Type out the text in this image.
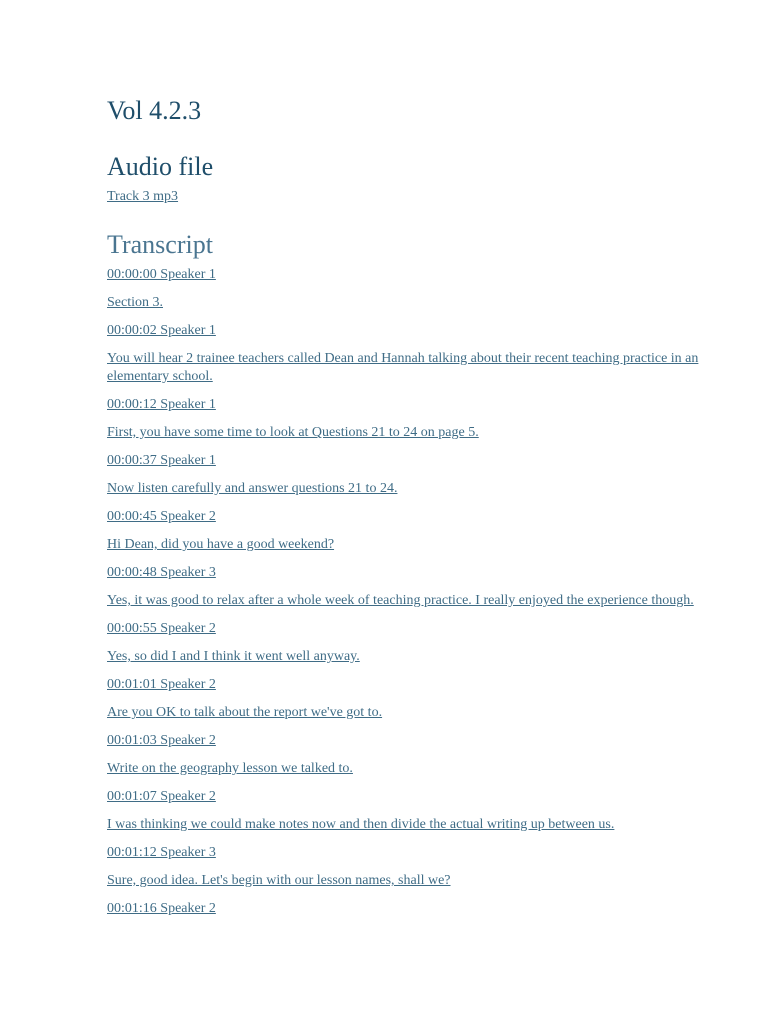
Vol 4.2.3
Audio file
Track 3 mp3
Transcript
00:00:00 Speaker 1
Section 3.
00:00:02 Speaker 1
You will hear 2 trainee teachers called Dean and Hannah talking about their recent teaching practice in an elementary school.
00:00:12 Speaker 1
First, you have some time to look at Questions 21 to 24 on page 5.
00:00:37 Speaker 1
Now listen carefully and answer questions 21 to 24.
00:00:45 Speaker 2
Hi Dean, did you have a good weekend?
00:00:48 Speaker 3
Yes, it was good to relax after a whole week of teaching practice. I really enjoyed the experience though.
00:00:55 Speaker 2
Yes, so did I and I think it went well anyway.
00:01:01 Speaker 2
Are you OK to talk about the report we've got to.
00:01:03 Speaker 2
Write on the geography lesson we talked to.
00:01:07 Speaker 2
I was thinking we could make notes now and then divide the actual writing up between us.
00:01:12 Speaker 3
Sure, good idea. Let's begin with our lesson names, shall we?
00:01:16 Speaker 2
